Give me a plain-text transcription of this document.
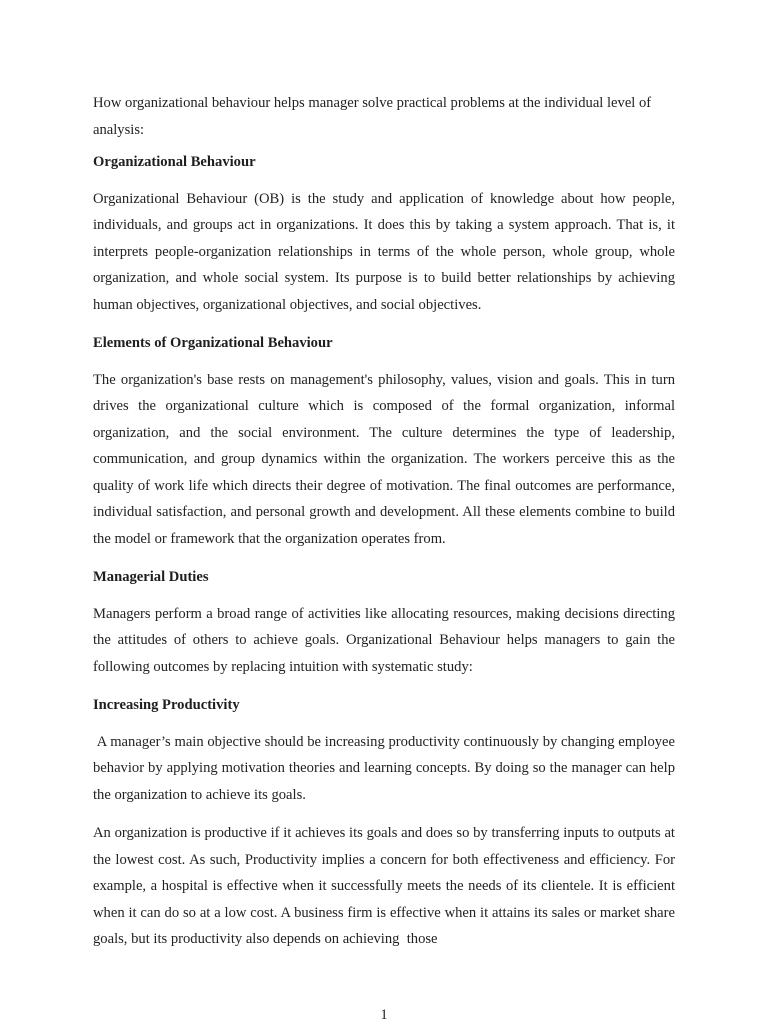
How organizational behaviour helps manager solve practical problems at the individual level of analysis:

Organizational Behaviour

Organizational Behaviour (OB) is the study and application of knowledge about how people, individuals, and groups act in organizations. It does this by taking a system approach. That is, it interprets people-organization relationships in terms of the whole person, whole group, whole organization, and whole social system. Its purpose is to build better relationships by achieving human objectives, organizational objectives, and social objectives.

Elements of Organizational Behaviour

The organization's base rests on management's philosophy, values, vision and goals. This in turn drives the organizational culture which is composed of the formal organization, informal organization, and the social environment. The culture determines the type of leadership, communication, and group dynamics within the organization. The workers perceive this as the quality of work life which directs their degree of motivation. The final outcomes are performance, individual satisfaction, and personal growth and development. All these elements combine to build the model or framework that the organization operates from.

Managerial Duties

Managers perform a broad range of activities like allocating resources, making decisions directing the attitudes of others to achieve goals. Organizational Behaviour helps managers to gain the following outcomes by replacing intuition with systematic study:

Increasing Productivity

A manager’s main objective should be increasing productivity continuously by changing employee behavior by applying motivation theories and learning concepts. By doing so the manager can help the organization to achieve its goals.

An organization is productive if it achieves its goals and does so by transferring inputs to outputs at the lowest cost. As such, Productivity implies a concern for both effectiveness and efficiency. For example, a hospital is effective when it successfully meets the needs of its clientele. It is efficient when it can do so at a low cost. A business firm is effective when it attains its sales or market share goals, but its productivity also depends on achieving  those

1
